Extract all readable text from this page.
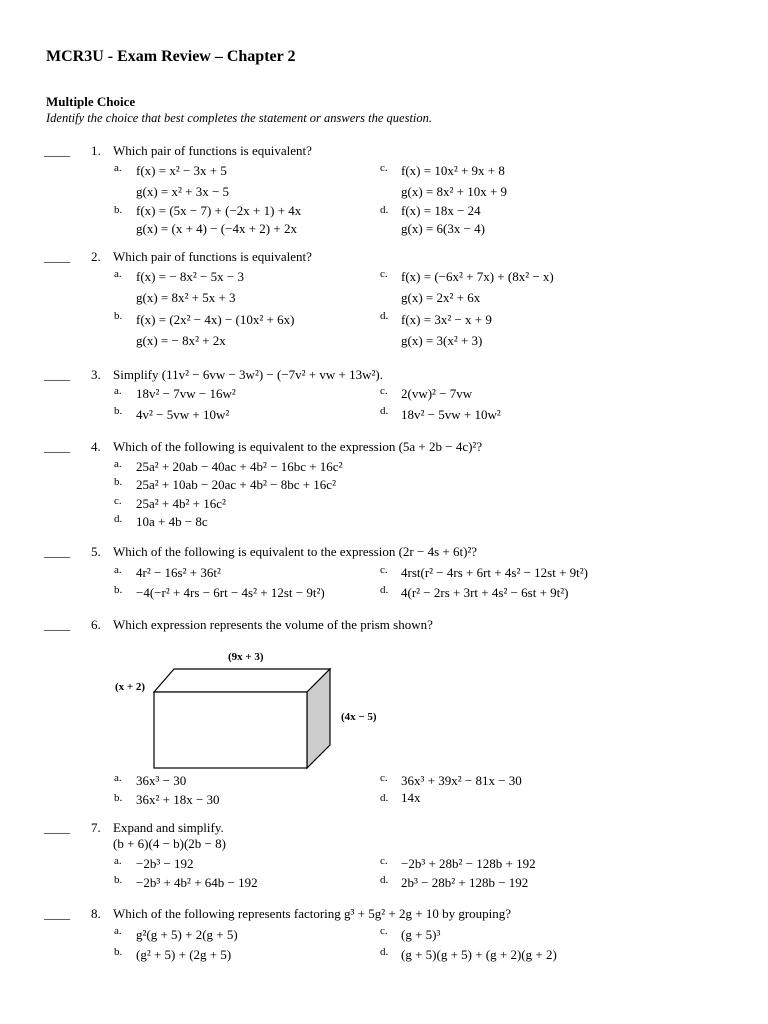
MCR3U - Exam Review – Chapter 2
Multiple Choice
Identify the choice that best completes the statement or answers the question.
____ 1. Which pair of functions is equivalent?
a. f(x) = x² − 3x + 5
g(x) = x² + 3x − 5
b. f(x) = (5x − 7) + (−2x + 1) + 4x
g(x) = (x + 4) − (−4x + 2) + 2x
c. f(x) = 10x² + 9x + 8
g(x) = 8x² + 10x + 9
d. f(x) = 18x − 24
g(x) = 6(3x − 4)
____ 2. Which pair of functions is equivalent?
a. f(x) = − 8x² − 5x − 3
g(x) = 8x² + 5x + 3
b. f(x) = (2x² − 4x) − (10x² + 6x)
g(x) = − 8x² + 2x
c. f(x) = (−6x² + 7x) + (8x² − x)
g(x) = 2x² + 6x
d. f(x) = 3x² − x + 9
g(x) = 3(x² + 3)
____ 3. Simplify (11v² − 6vw − 3w²) − (−7v² + vw + 13w²).
a. 18v² − 7vw − 16w²
b. 4v² − 5vw + 10w²
c. 2(vw)² − 7vw
d. 18v² − 5vw + 10w²
____ 4. Which of the following is equivalent to the expression (5a + 2b − 4c)²?
a. 25a² + 20ab − 40ac + 4b² − 16bc + 16c²
b. 25a² + 10ab − 20ac + 4b² − 8bc + 16c²
c. 25a² + 4b² + 16c²
d. 10a + 4b − 8c
____ 5. Which of the following is equivalent to the expression (2r − 4s + 6t)²?
a. 4r² − 16s² + 36t²
b. −4(−r² + 4rs − 6rt − 4s² + 12st − 9t²)
c. 4rst(r² − 4rs + 6rt + 4s² − 12st + 9t²)
d. 4(r² − 2rs + 3rt + 4s² − 6st + 9t²)
____ 6. Which expression represents the volume of the prism shown?
(9x + 3)
(x + 2)
(4x − 5)
a. 36x³ − 30
b. 36x² + 18x − 30
c. 36x³ + 39x² − 81x − 30
d. 14x
____ 7. Expand and simplify.
(b + 6)(4 − b)(2b − 8)
a. −2b³ − 192
b. −2b³ + 4b² + 64b − 192
c. −2b³ + 28b² − 128b + 192
d. 2b³ − 28b² + 128b − 192
____ 8. Which of the following represents factoring g³ + 5g² + 2g + 10 by grouping?
a. g²(g + 5) + 2(g + 5)
b. (g² + 5) + (2g + 5)
c. (g + 5)³
d. (g + 5)(g + 5) + (g + 2)(g + 2)
